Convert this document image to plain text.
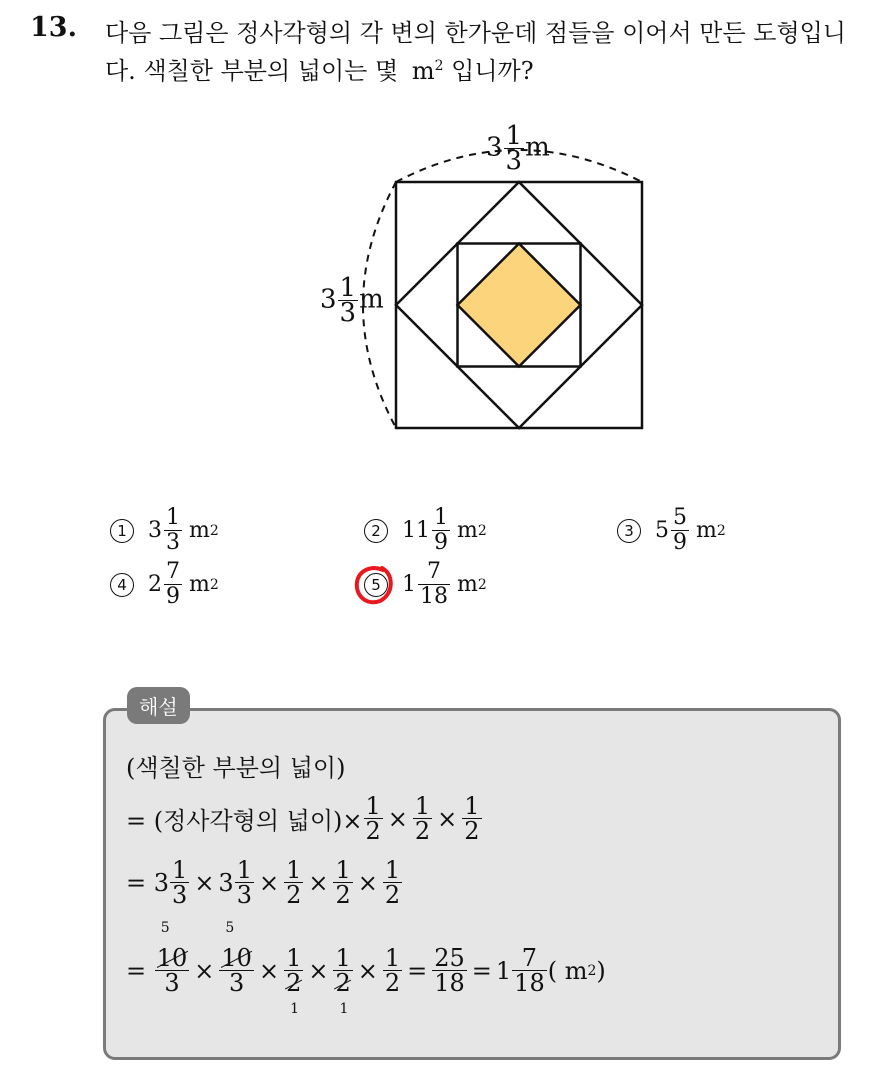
13. 다음 그림은 정사각형의 각 변의 한가운데 점들을 이어서 만든 도형입니다. 색칠한 부분의 넓이는 몇 $m^2$ 입니까?
$3 \frac{1}{3}$ m
$3 \frac{1}{3}$ m
1 $3 \frac{1}{3}$ m 2	2 $11 \frac{1}{9}$ m 2	3 $5 \frac{5}{9}$ m 2
4 $2 \frac{7}{9}$ m 2	5 $1 \frac{7}{18}$ m 2
해설
(색칠한 부분의 넓이)
= (정사각형의 넓이)× $\frac{1}{2} \times \frac{1}{2} \times \frac{1}{2}$
=
$3 \frac{1}{3} \times 3 \frac{1}{3} \times \frac{1}{2} \times \frac{1}{2} \times \frac{1}{2}$
=

5
10
3 ×
5
10
3 × 1
2
1
× 1
2
1
× $\frac{1}{2} = \frac{25}{18} = 1 \frac{7}{18}$ ( m 2 )
